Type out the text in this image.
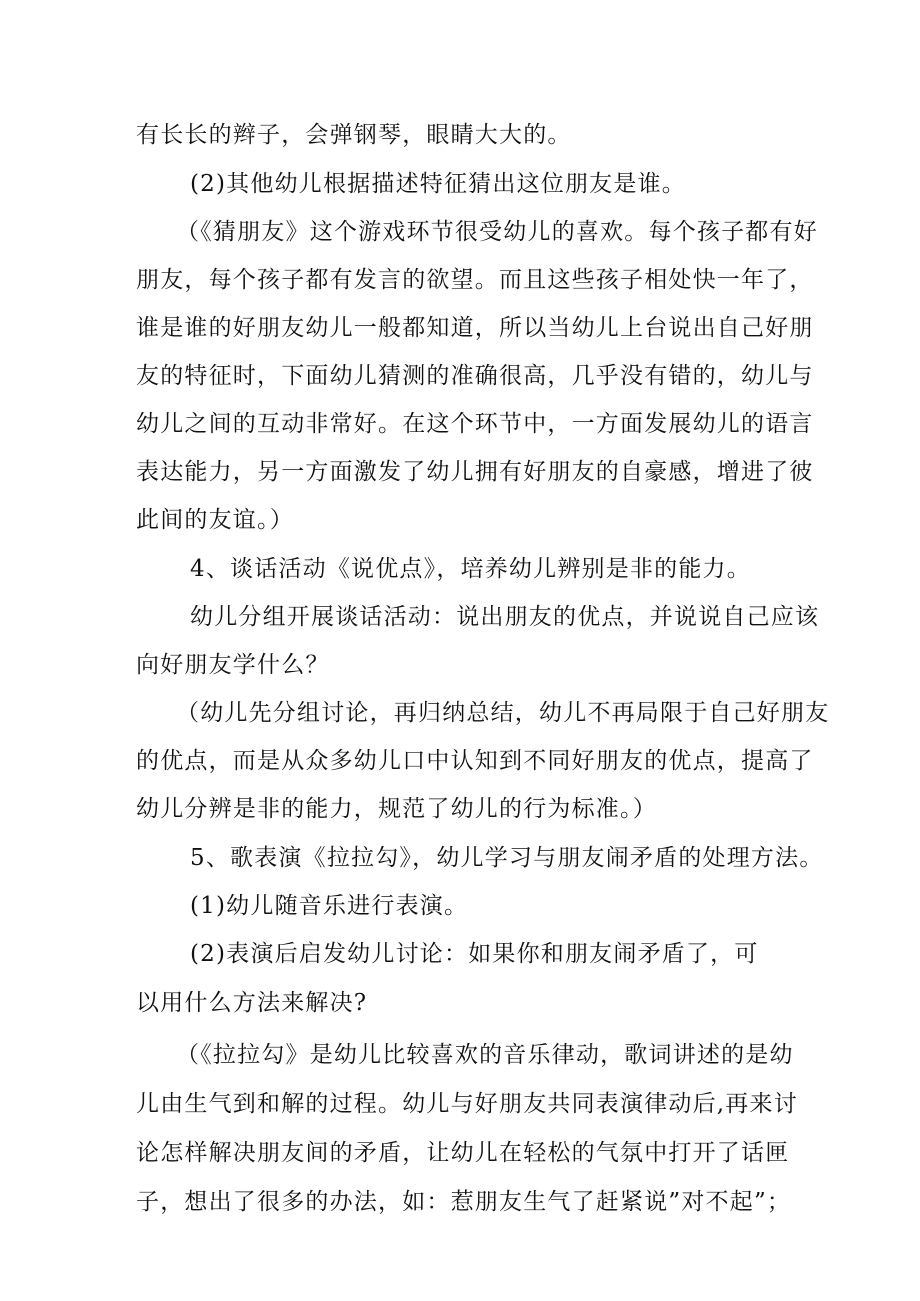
有长长的辫子，会弹钢琴，眼睛大大的。
(2)其他幼儿根据描述特征猜出这位朋友是谁。
（《猜朋友》这个游戏环节很受幼儿的喜欢。每个孩子都有好
朋友，每个孩子都有发言的欲望。而且这些孩子相处快一年了，
谁是谁的好朋友幼儿一般都知道，所以当幼儿上台说出自己好朋
友的特征时，下面幼儿猜测的准确很高，几乎没有错的，幼儿与
幼儿之间的互动非常好。在这个环节中，一方面发展幼儿的语言
表达能力，另一方面激发了幼儿拥有好朋友的自豪感，增进了彼
此间的友谊。）
4、谈话活动《说优点》，培养幼儿辨别是非的能力。
幼儿分组开展谈话活动：说出朋友的优点，并说说自己应该
向好朋友学什么？
（幼儿先分组讨论，再归纳总结，幼儿不再局限于自己好朋友
的优点，而是从众多幼儿口中认知到不同好朋友的优点，提高了
幼儿分辨是非的能力，规范了幼儿的行为标准。）
5、歌表演《拉拉勾》，幼儿学习与朋友闹矛盾的处理方法。
(1)幼儿随音乐进行表演。
(2)表演后启发幼儿讨论：如果你和朋友闹矛盾了，可
以用什么方法来解决?
（《拉拉勾》是幼儿比较喜欢的音乐律动，歌词讲述的是幼
儿由生气到和解的过程。幼儿与好朋友共同表演律动后,再来讨
论怎样解决朋友间的矛盾，让幼儿在轻松的气氛中打开了话匣
子，想出了很多的办法，如：惹朋友生气了赶紧说”对不起”；
